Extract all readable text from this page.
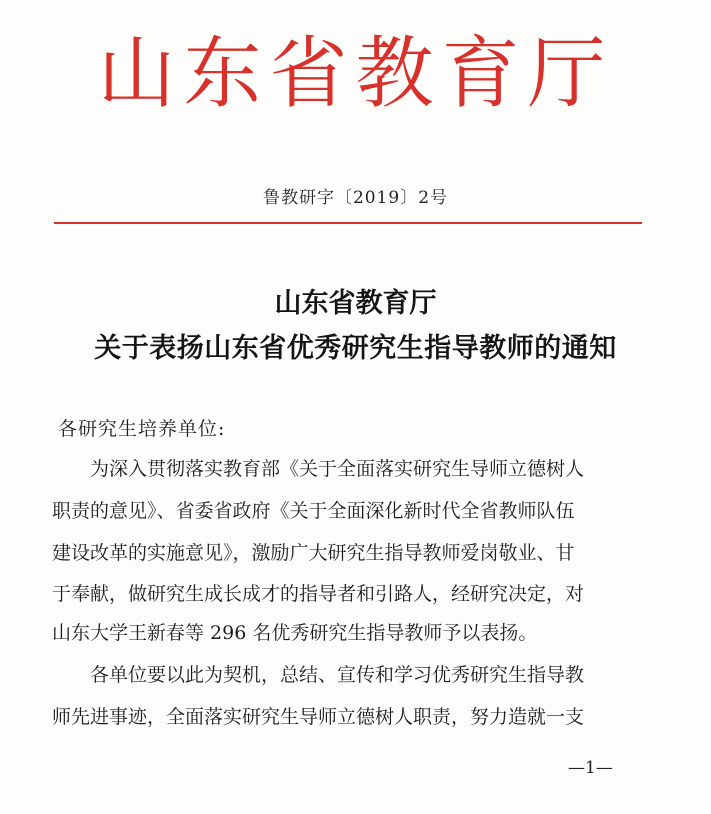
山东省教育厅
鲁教研字〔2019〕2号
山东省教育厅
关于表扬山东省优秀研究生指导教师的通知
各研究生培养单位:
为深入贯彻落实教育部《关于全面落实研究生导师立德树人
职责的意见》、省委省政府《关于全面深化新时代全省教师队伍
建设改革的实施意见》，激励广大研究生指导教师爱岗敬业、甘
于奉献，做研究生成长成才的指导者和引路人，经研究决定，对
山东大学王新春等 296 名优秀研究生指导教师予以表扬。
各单位要以此为契机，总结、宣传和学习优秀研究生指导教
师先进事迹，全面落实研究生导师立德树人职责，努力造就一支
—1—
